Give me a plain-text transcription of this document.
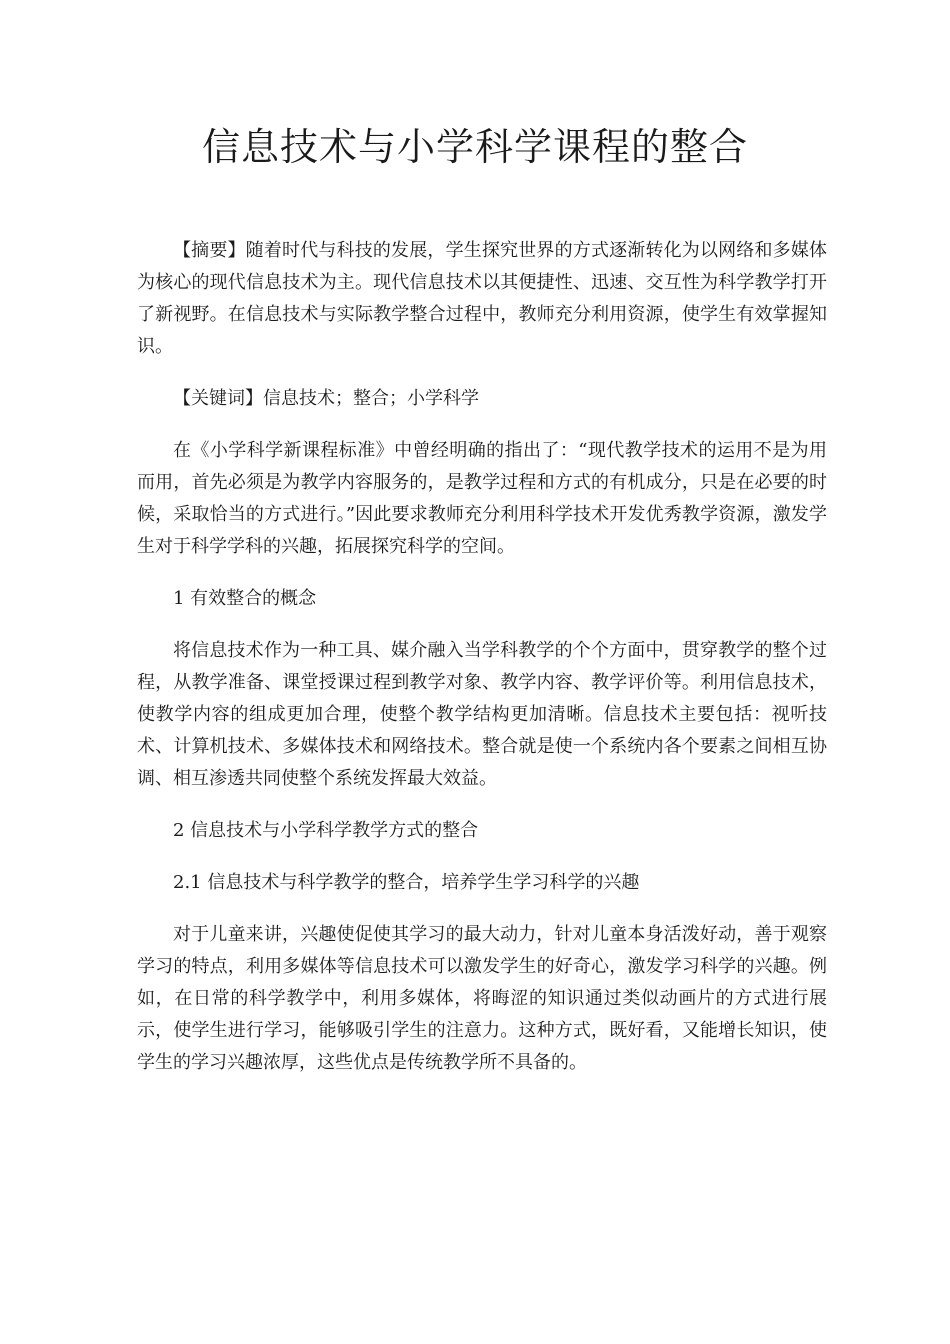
信息技术与小学科学课程的整合

【摘要】随着时代与科技的发展，学生探究世界的方式逐渐转化为以网络和多媒体为核心的现代信息技术为主。现代信息技术以其便捷性、迅速、交互性为科学教学打开了新视野。在信息技术与实际教学整合过程中，教师充分利用资源，使学生有效掌握知识。

【关键词】信息技术；整合；小学科学

在《小学科学新课程标准》中曾经明确的指出了：“现代教学技术的运用不是为用而用，首先必须是为教学内容服务的，是教学过程和方式的有机成分，只是在必要的时候，采取恰当的方式进行。”因此要求教师充分利用科学技术开发优秀教学资源，激发学生对于科学学科的兴趣，拓展探究科学的空间。

1 有效整合的概念

将信息技术作为一种工具、媒介融入当学科教学的个个方面中，贯穿教学的整个过程，从教学准备、课堂授课过程到教学对象、教学内容、教学评价等。利用信息技术，使教学内容的组成更加合理，使整个教学结构更加清晰。信息技术主要包括：视听技术、计算机技术、多媒体技术和网络技术。整合就是使一个系统内各个要素之间相互协调、相互渗透共同使整个系统发挥最大效益。

2 信息技术与小学科学教学方式的整合

2.1 信息技术与科学教学的整合，培养学生学习科学的兴趣

对于儿童来讲，兴趣使促使其学习的最大动力，针对儿童本身活泼好动，善于观察学习的特点，利用多媒体等信息技术可以激发学生的好奇心，激发学习科学的兴趣。例如，在日常的科学教学中，利用多媒体，将晦涩的知识通过类似动画片的方式进行展示，使学生进行学习，能够吸引学生的注意力。这种方式，既好看，又能增长知识，使学生的学习兴趣浓厚，这些优点是传统教学所不具备的。
